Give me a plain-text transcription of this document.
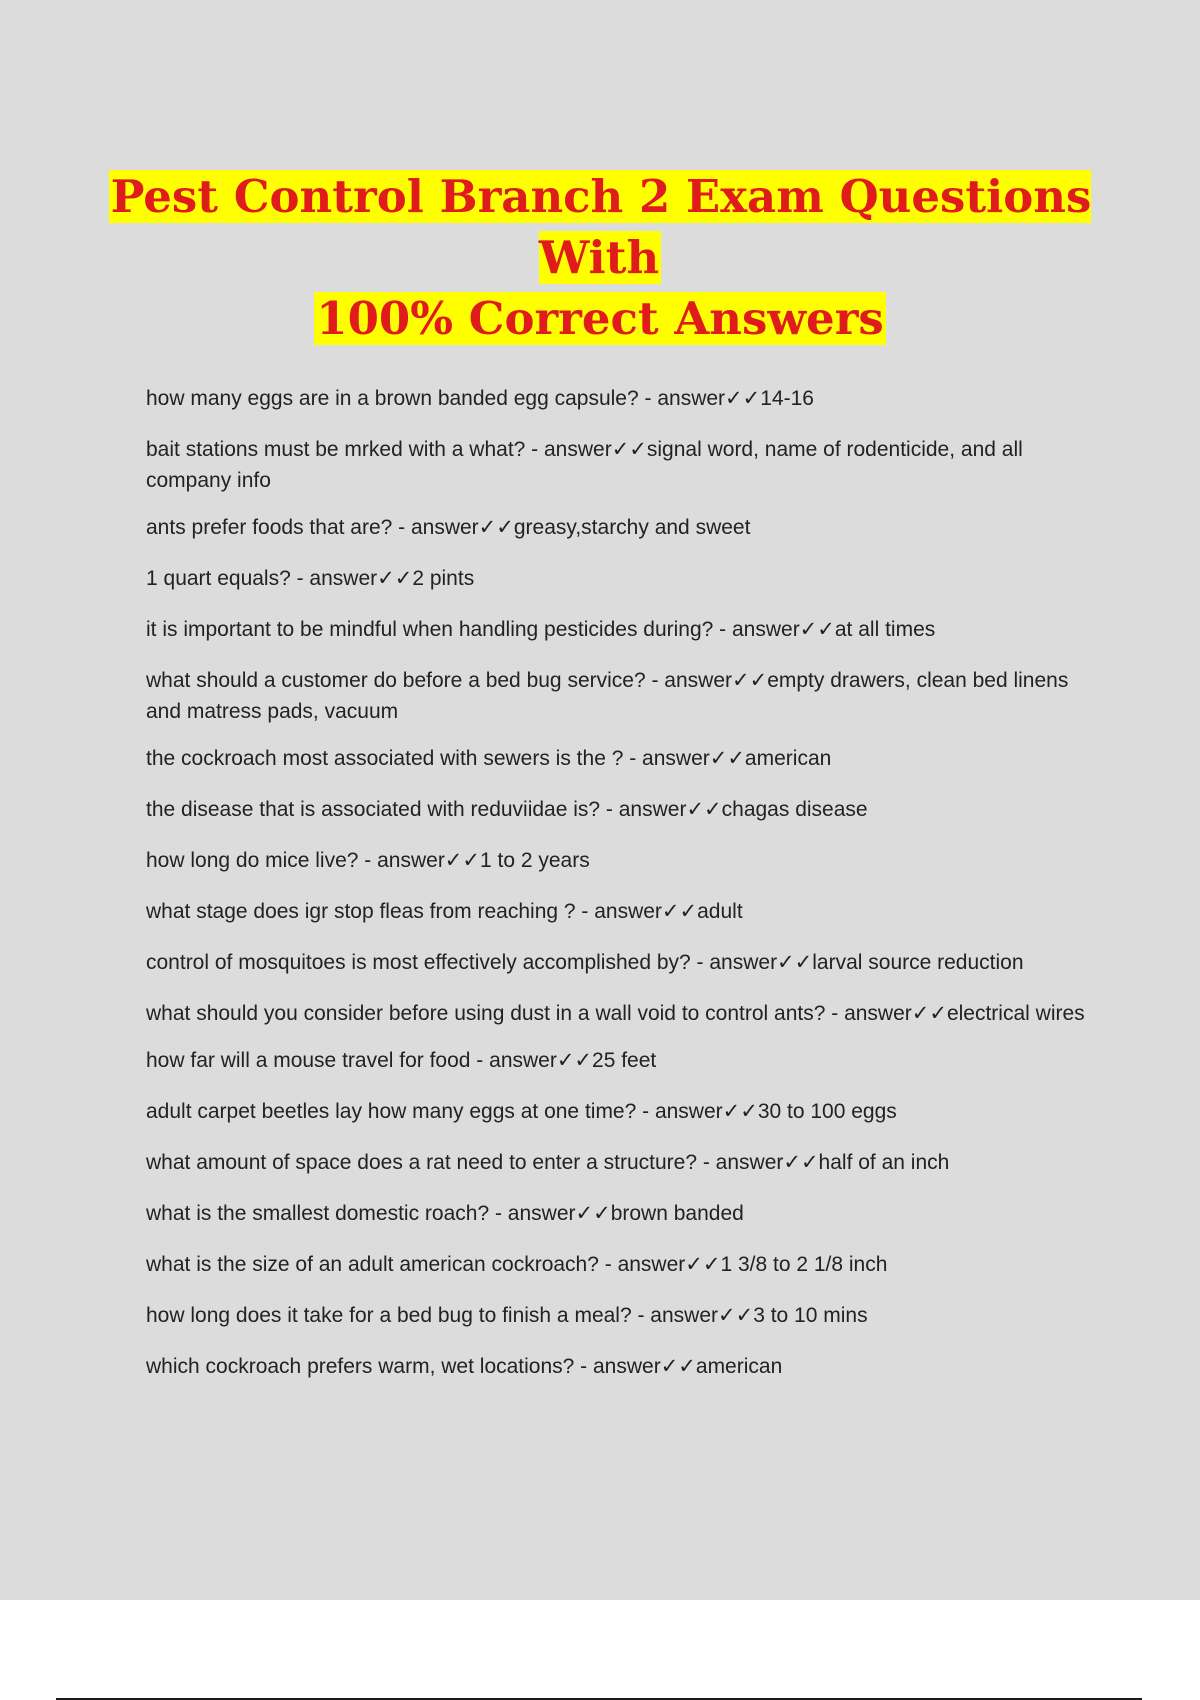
Pest Control Branch 2 Exam Questions With
100% Correct Answers
how many eggs are in a brown banded egg capsule? - answer✓✓14-16
bait stations must be mrked with a what? - answer✓✓signal word, name of rodenticide, and all company info
ants prefer foods that are? - answer✓✓greasy,starchy and sweet
1 quart equals? - answer✓✓2 pints
it is important to be mindful when handling pesticides during? - answer✓✓at all times
what should a customer do before a bed bug service? - answer✓✓empty drawers, clean bed linens and matress pads, vacuum
the cockroach most associated with sewers is the ? - answer✓✓american
the disease that is associated with reduviidae is? - answer✓✓chagas disease
how long do mice live? - answer✓✓1 to 2 years
what stage does igr stop fleas from reaching ? - answer✓✓adult
control of mosquitoes is most effectively accomplished by? - answer✓✓larval source reduction
what should you consider before using dust in a wall void to control ants? - answer✓✓electrical wires
how far will a mouse travel for food - answer✓✓25 feet
adult carpet beetles lay how many eggs at one time? - answer✓✓30 to 100 eggs
what amount of space does a rat need to enter a structure? - answer✓✓half of an inch
what is the smallest domestic roach? - answer✓✓brown banded
what is the size of an adult american cockroach? - answer✓✓1 3/8 to 2 1/8 inch
how long does it take for a bed bug to finish a meal? - answer✓✓3 to 10 mins
which cockroach prefers warm, wet locations? - answer✓✓american
